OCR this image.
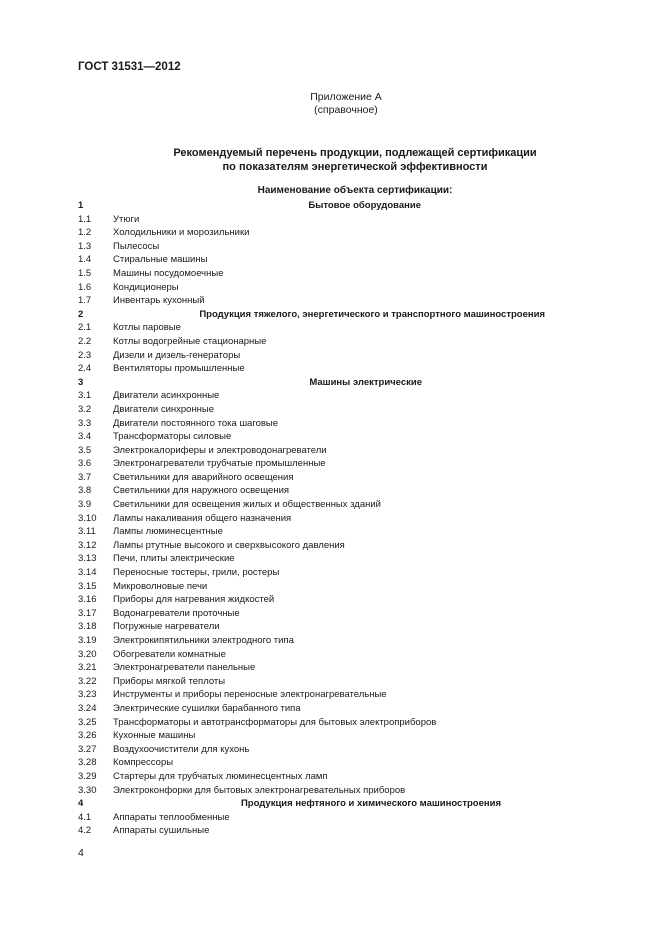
ГОСТ 31531—2012
Приложение А
(справочное)
Рекомендуемый перечень продукции, подлежащей сертификации
по показателям энергетической эффективности
Наименование объекта сертификации:
1	Бытовое оборудование
1.1 Утюги
1.2 Холодильники и морозильники
1.3 Пылесосы
1.4 Стиральные машины
1.5 Машины посудомоечные
1.6 Кондиционеры
1.7 Инвентарь кухонный
2	Продукция тяжелого, энергетического и транспортного машиностроения
2.1 Котлы паровые
2.2 Котлы водогрейные стационарные
2.3 Дизели и дизель-генераторы
2.4 Вентиляторы промышленные
3	Машины электрические
3.1 Двигатели асинхронные
3.2 Двигатели синхронные
3.3 Двигатели постоянного тока шаговые
3.4 Трансформаторы силовые
3.5 Электрокалориферы и электроводонагреватели
3.6 Электронагреватели трубчатые промышленные
3.7 Светильники для аварийного освещения
3.8 Светильники для наружного освещения
3.9 Светильники для освещения жилых и общественных зданий
3.10 Лампы накаливания общего назначения
3.11 Лампы люминесцентные
3.12 Лампы ртутные высокого и сверхвысокого давления
3.13 Печи, плиты электрические
3.14 Переносные тостеры, грили, ростеры
3.15 Микроволновые печи
3.16 Приборы для нагревания жидкостей
3.17 Водонагреватели проточные
3.18 Погружные нагреватели
3.19 Электрокипятильники электродного типа
3.20 Обогреватели комнатные
3.21 Электронагреватели панельные
3.22 Приборы мягкой теплоты
3.23 Инструменты и приборы переносные электронагревательные
3.24 Электрические сушилки барабанного типа
3.25 Трансформаторы и автотрансформаторы для бытовых электроприборов
3.26 Кухонные машины
3.27 Воздухоочистители для кухонь
3.28 Компрессоры
3.29 Стартеры для трубчатых люминесцентных ламп
3.30 Электроконфорки для бытовых электронагревательных приборов
4	Продукция нефтяного и химического машиностроения
4.1 Аппараты теплообменные
4.2 Аппараты сушильные
4
